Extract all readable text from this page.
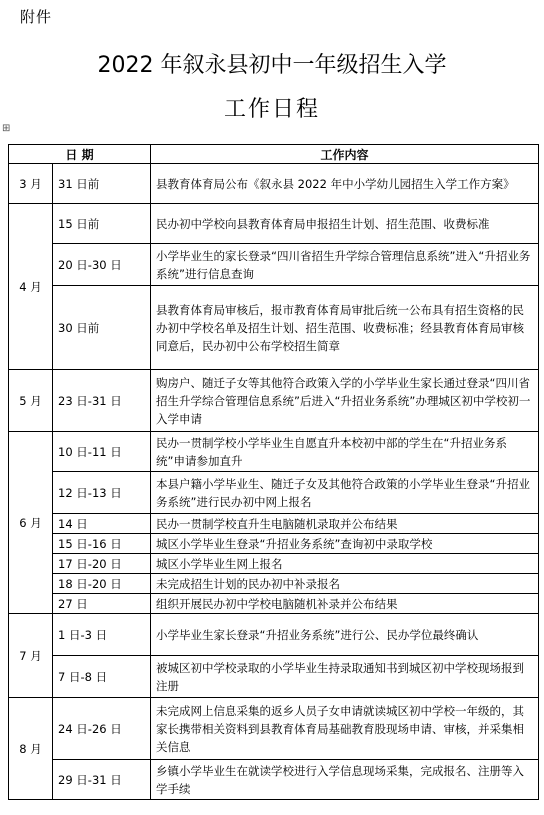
附件
2022 年叙永县初中一年级招生入学
工作日程
⊞
日 期		工作内容
3 月	31 日前	县教育体育局公布《叙永县 2022 年中小学幼儿园招生入学工作方案》
4 月	15 日前	民办初中学校向县教育体育局申报招生计划、招生范围、收费标准
	20 日-30 日	小学毕业生的家长登录“四川省招生升学综合管理信息系统”进入“升招业务系统”进行信息查询
	30 日前	县教育体育局审核后，报市教育体育局审批后统一公布具有招生资格的民办初中学校名单及招生计划、招生范围、收费标准；经县教育体育局审核同意后，民办初中公布学校招生简章
5 月	23 日-31 日	购房户、随迁子女等其他符合政策入学的小学毕业生家长通过登录“四川省招生升学综合管理信息系统”后进入“升招业务系统”办理城区初中学校初一入学申请
6 月	10 日-11 日	民办一贯制学校小学毕业生自愿直升本校初中部的学生在“升招业务系统”申请参加直升
	12 日-13 日	本县户籍小学毕业生、随迁子女及其他符合政策的小学毕业生登录“升招业务系统”进行民办初中网上报名
	14 日	民办一贯制学校直升生电脑随机录取并公布结果
	15 日-16 日	城区小学毕业生登录“升招业务系统”查询初中录取学校
	17 日-20 日	城区小学毕业生网上报名
	18 日-20 日	未完成招生计划的民办初中补录报名
	27 日	组织开展民办初中学校电脑随机补录并公布结果
7 月	1 日-3 日	小学毕业生家长登录“升招业务系统”进行公、民办学位最终确认
	7 日-8 日	被城区初中学校录取的小学毕业生持录取通知书到城区初中学校现场报到注册
8 月	24 日-26 日	未完成网上信息采集的返乡人员子女申请就读城区初中学校一年级的，其家长携带相关资料到县教育体育局基础教育股现场申请、审核，并采集相关信息
	29 日-31 日	乡镇小学毕业生在就读学校进行入学信息现场采集，完成报名、注册等入学手续
